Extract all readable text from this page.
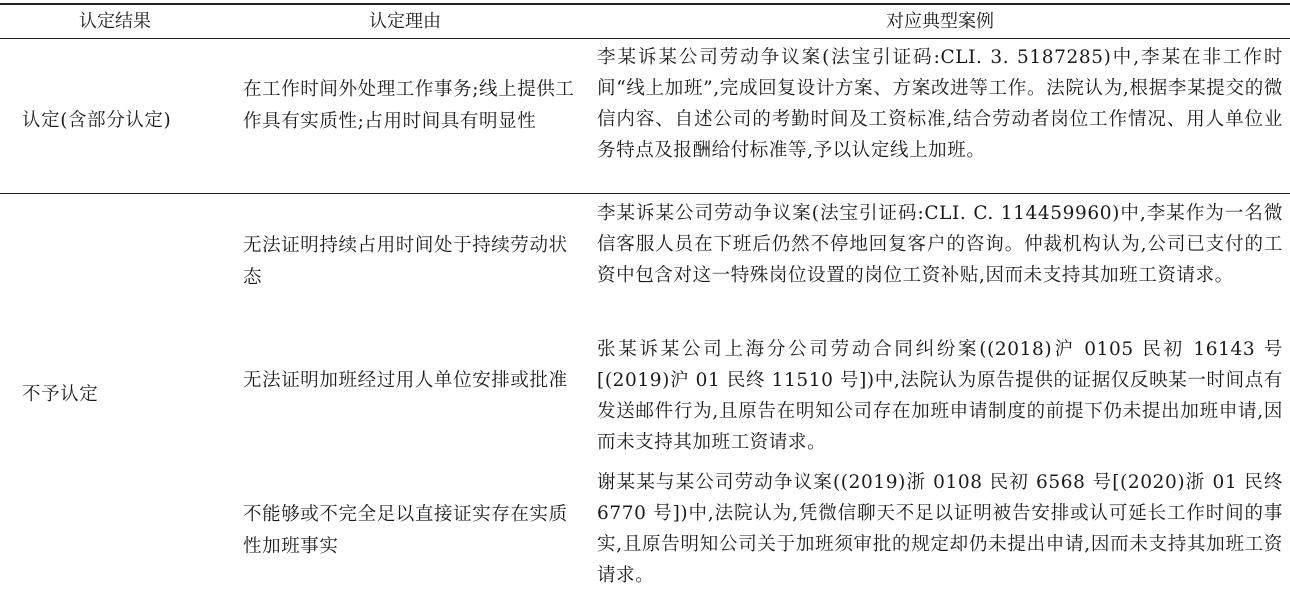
认定结果	认定理由	对应典型案例
认定(含部分认定)
在工作时间外处理工作事务;线上提供工作具有实质性;占用时间具有明显性
李某诉某公司劳动争议案(法宝引证码:CLI. 3. 5187285)中,李某在非工作时间“线上加班”,完成回复设计方案、方案改进等工作。法院认为,根据李某提交的微信内容、自述公司的考勤时间及工资标准,结合劳动者岗位工作情况、用人单位业务特点及报酬给付标准等,予以认定线上加班。
不予认定
无法证明持续占用时间处于持续劳动状态
李某诉某公司劳动争议案(法宝引证码:CLI. C. 114459960)中,李某作为一名微信客服人员在下班后仍然不停地回复客户的咨询。仲裁机构认为,公司已支付的工资中包含对这一特殊岗位设置的岗位工资补贴,因而未支持其加班工资请求。
无法证明加班经过用人单位安排或批准
张某诉某公司上海分公司劳动合同纠纷案((2018)沪 0105 民初 16143 号[(2019)沪 01 民终 11510 号])中,法院认为原告提供的证据仅反映某一时间点有发送邮件行为,且原告在明知公司存在加班申请制度的前提下仍未提出加班申请,因而未支持其加班工资请求。
不能够或不完全足以直接证实存在实质性加班事实
谢某某与某公司劳动争议案((2019)浙 0108 民初 6568 号[(2020)浙 01 民终 6770 号])中,法院认为,凭微信聊天不足以证明被告安排或认可延长工作时间的事实,且原告明知公司关于加班须审批的规定却仍未提出申请,因而未支持其加班工资请求。
